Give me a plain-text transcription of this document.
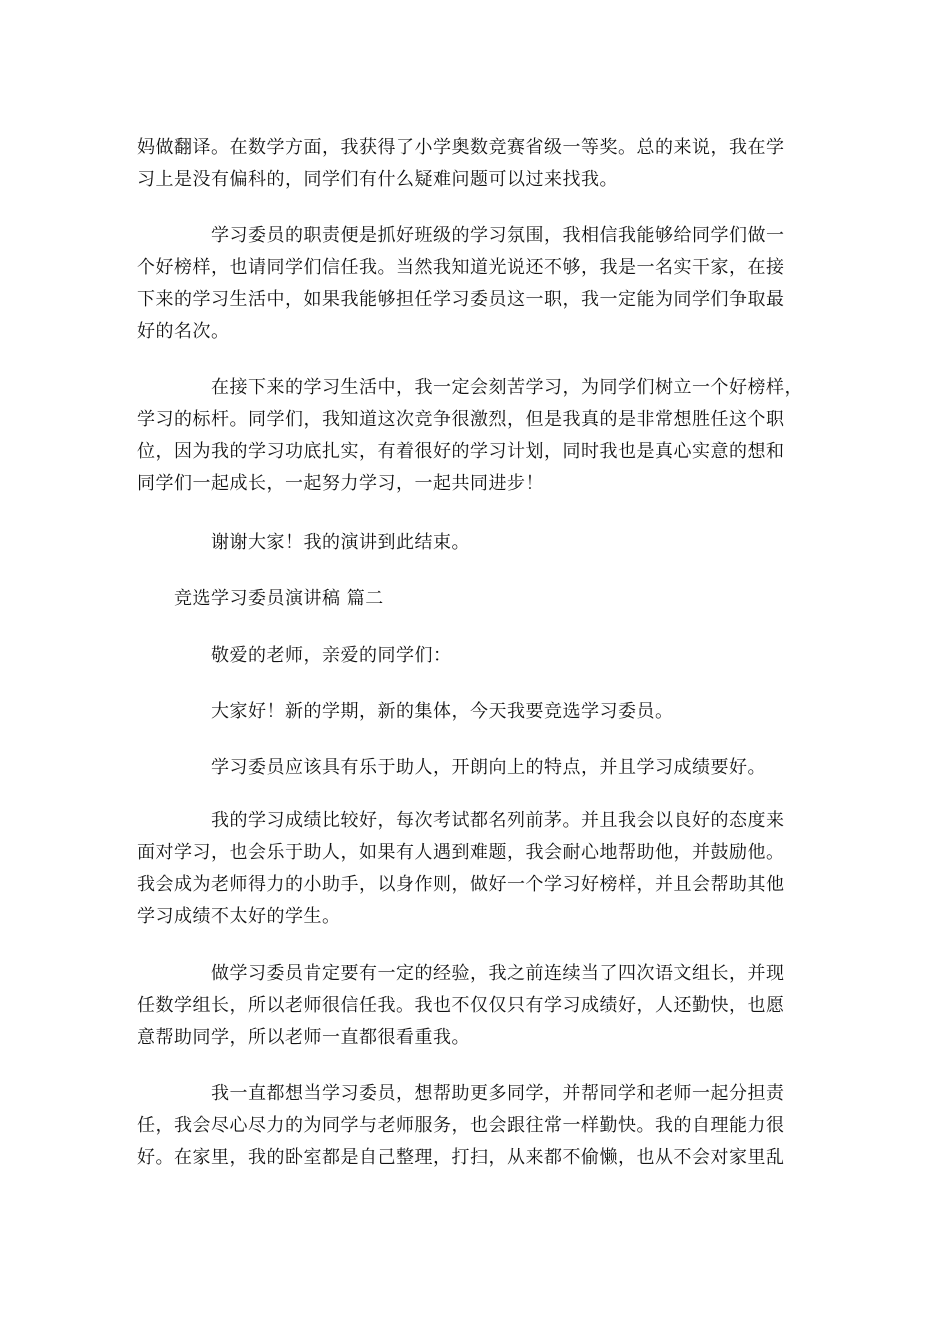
妈做翻译。在数学方面，我获得了小学奥数竞赛省级一等奖。总的来说，我在学
习上是没有偏科的，同学们有什么疑难问题可以过来找我。

学习委员的职责便是抓好班级的学习氛围，我相信我能够给同学们做一
个好榜样，也请同学们信任我。当然我知道光说还不够，我是一名实干家，在接
下来的学习生活中，如果我能够担任学习委员这一职，我一定能为同学们争取最
好的名次。

在接下来的学习生活中，我一定会刻苦学习，为同学们树立一个好榜样，
学习的标杆。同学们，我知道这次竞争很激烈，但是我真的是非常想胜任这个职
位，因为我的学习功底扎实，有着很好的学习计划，同时我也是真心实意的想和
同学们一起成长，一起努力学习，一起共同进步！

谢谢大家！我的演讲到此结束。

竞选学习委员演讲稿 篇二

敬爱的老师，亲爱的同学们：

大家好！新的学期，新的集体，今天我要竞选学习委员。

学习委员应该具有乐于助人，开朗向上的特点，并且学习成绩要好。

我的学习成绩比较好，每次考试都名列前茅。并且我会以良好的态度来
面对学习，也会乐于助人，如果有人遇到难题，我会耐心地帮助他，并鼓励他。
我会成为老师得力的小助手，以身作则，做好一个学习好榜样，并且会帮助其他
学习成绩不太好的学生。

做学习委员肯定要有一定的经验，我之前连续当了四次语文组长，并现
任数学组长，所以老师很信任我。我也不仅仅只有学习成绩好，人还勤快，也愿
意帮助同学，所以老师一直都很看重我。

我一直都想当学习委员，想帮助更多同学，并帮同学和老师一起分担责
任，我会尽心尽力的为同学与老师服务，也会跟往常一样勤快。我的自理能力很
好。在家里，我的卧室都是自己整理，打扫，从来都不偷懒，也从不会对家里乱
